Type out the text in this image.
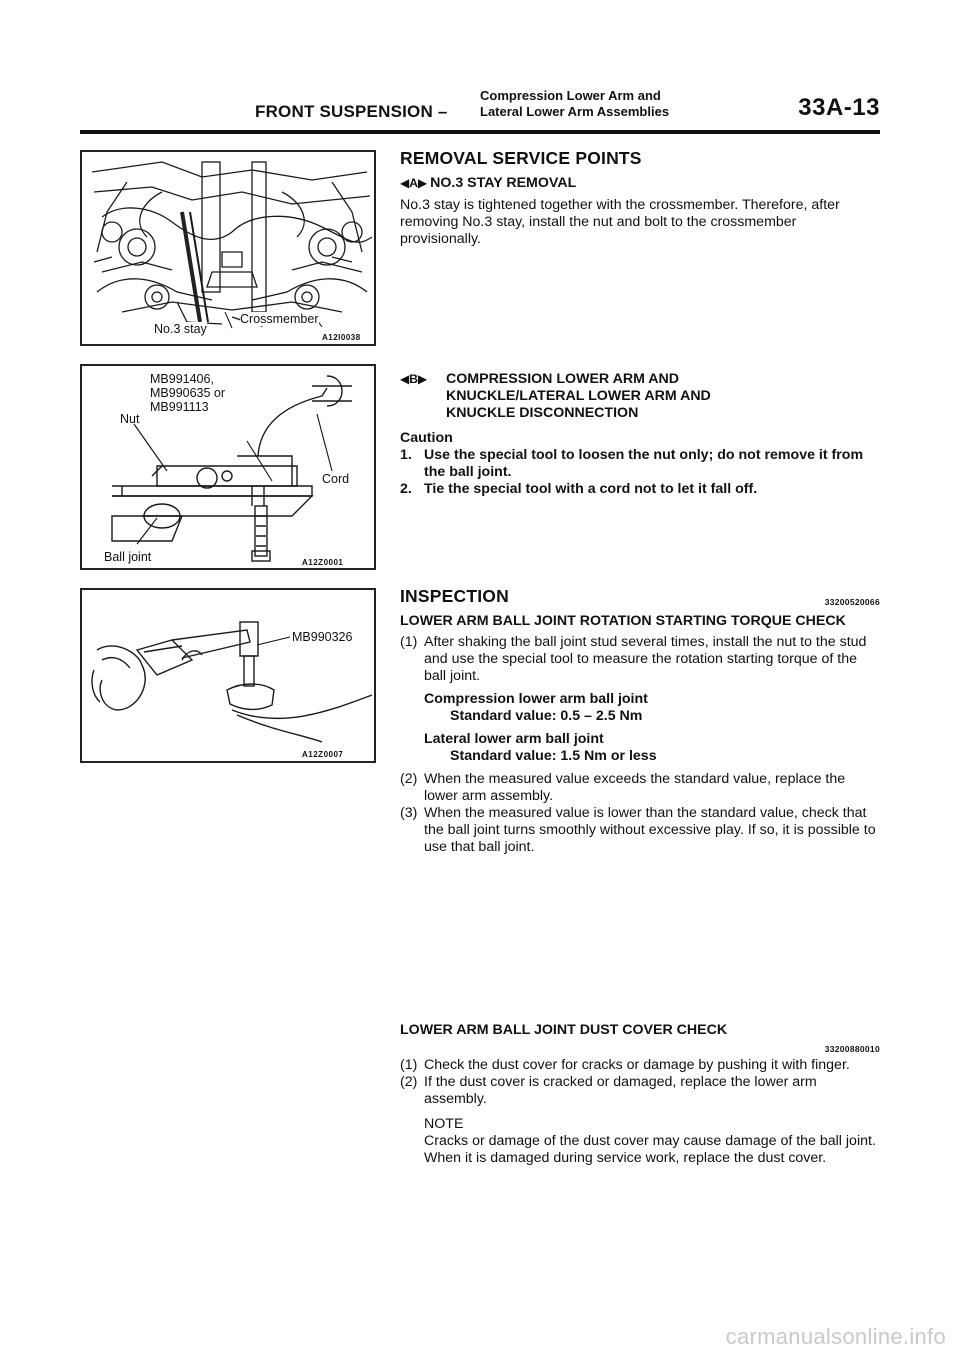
FRONT SUSPENSION –
Compression Lower Arm and
Lateral Lower Arm Assemblies	33A-13
No.3 stay
Crossmember
A12I0038
MB991406,
MB990635 or
MB991113
Nut
Cord
Ball joint	A12Z0001
MB990326
A12Z0007
REMOVAL SERVICE POINTS
◀A▶ NO.3 STAY REMOVAL
No.3 stay is tightened together with the crossmember. Therefore, after removing No.3 stay, install the nut and bolt to the crossmember provisionally.
◀B▶ COMPRESSION LOWER ARM AND
KNUCKLE/LATERAL LOWER ARM AND
KNUCKLE DISCONNECTION
Caution
1. Use the special tool to loosen the nut only; do not remove it from the ball joint.
2. Tie the special tool with a cord not to let it fall off.
INSPECTION	33200520066
LOWER ARM BALL JOINT ROTATION STARTING TORQUE CHECK
(1) After shaking the ball joint stud several times, install the nut to the stud and use the special tool to measure the rotation starting torque of the ball joint.
Compression lower arm ball joint
Standard value: 0.5 – 2.5 Nm
Lateral lower arm ball joint
Standard value: 1.5 Nm or less
(2) When the measured value exceeds the standard value, replace the lower arm assembly.
(3) When the measured value is lower than the standard value, check that the ball joint turns smoothly without excessive play. If so, it is possible to use that ball joint.
LOWER ARM BALL JOINT DUST COVER CHECK
33200880010
(1) Check the dust cover for cracks or damage by pushing it with finger.
(2) If the dust cover is cracked or damaged, replace the lower arm assembly.
NOTE
Cracks or damage of the dust cover may cause damage of the ball joint. When it is damaged during service work, replace the dust cover.
carmanualsonline.info
